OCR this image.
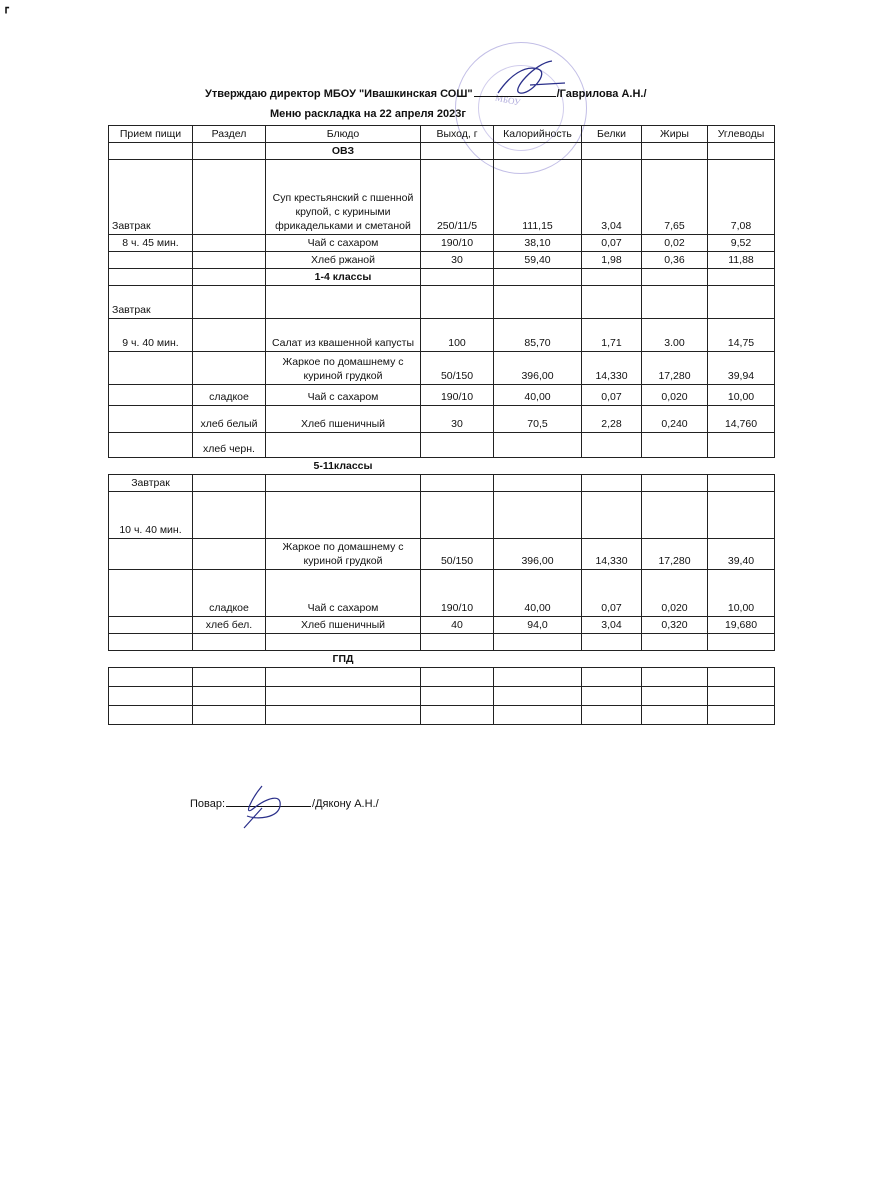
┏
МБОУ
Утверждаю директор МБОУ "Ивашкинская СОШ"	/Гаврилова А.Н./
Меню раскладка на 22 апреля 2023г
Прием пищи	Раздел	Блюдо	Выход, г	Калорийность	Белки	Жиры	Углеводы
		ОВЗ					
Завтрак		Суп крестьянский с пшенной крупой, с куриными фрикадельками и сметаной	250/11/5	111,15	3,04	7,65	7,08
8 ч. 45 мин.		Чай с сахаром	190/10	38,10	0,07	0,02	9,52
		Хлеб ржаной	30	59,40	1,98	0,36	11,88
		1-4 классы					
Завтрак							
9 ч. 40 мин.		Салат из квашенной капусты	100	85,70	1,71	3.00	14,75
		Жаркое по домашнему с куриной грудкой	50/150	396,00	14,330	17,280	39,94
	сладкое	Чай с сахаром	190/10	40,00	0,07	0,020	10,00
	хлеб белый	Хлеб пшеничный	30	70,5	2,28	0,240	14,760
	хлеб черн.						
		5-11классы					
Завтрак							
10 ч. 40 мин.							
		Жаркое по домашнему с куриной грудкой	50/150	396,00	14,330	17,280	39,40
	сладкое	Чай с сахаром	190/10	40,00	0,07	0,020	10,00
	хлеб бел.	Хлеб пшеничный	40	94,0	3,04	0,320	19,680

		ГПД					

Повар:	/Дякону А.Н./
